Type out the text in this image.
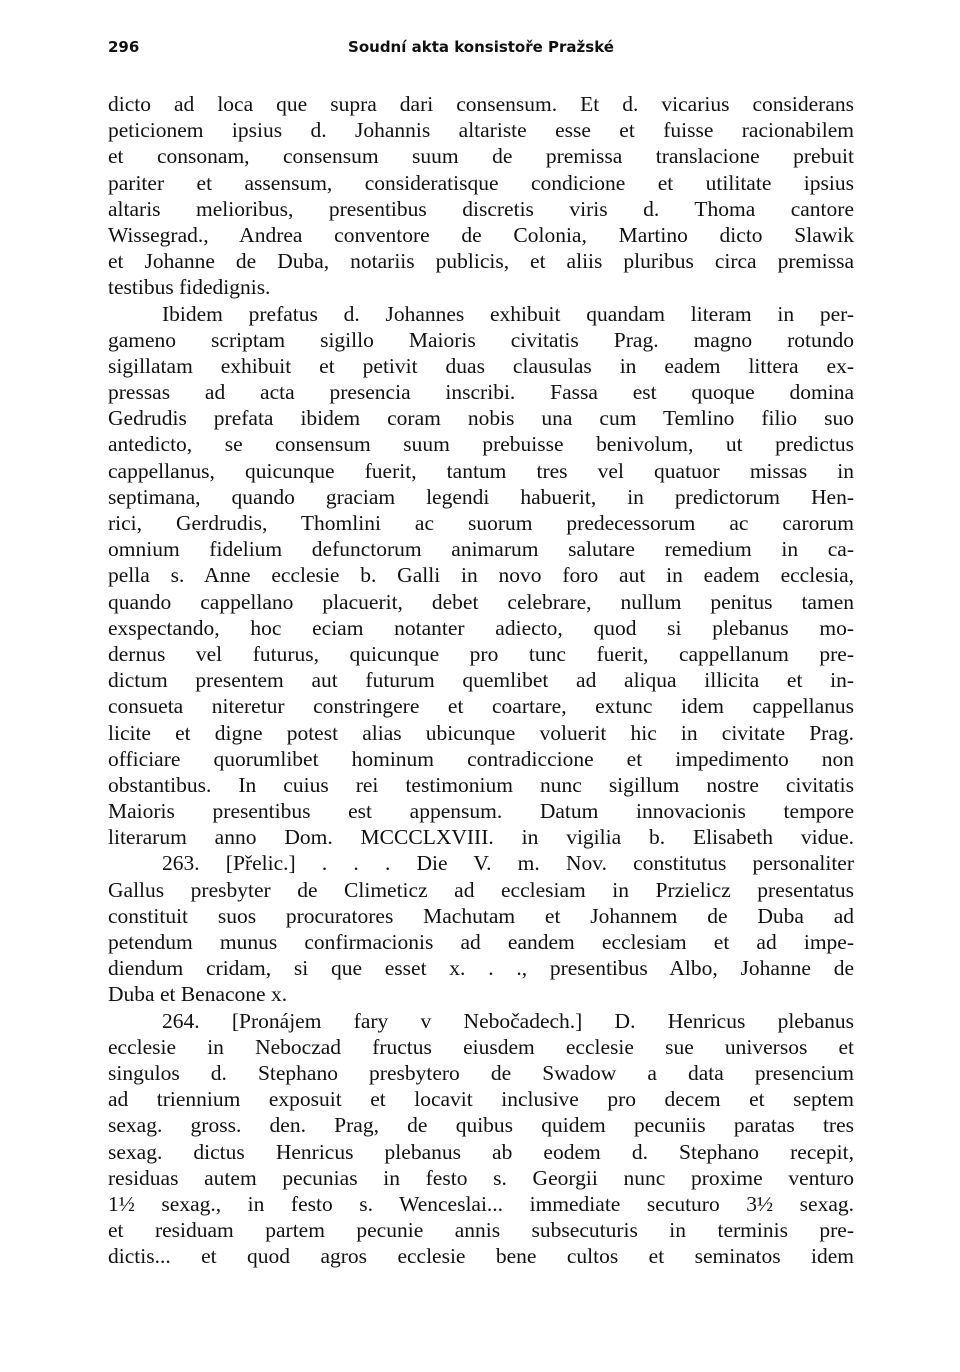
296	Soudní akta konsistoře Pražské
dicto ad loca que supra dari consensum. Et d. vicarius considerans
peticionem ipsius d. Johannis altariste esse et fuisse racionabilem
et consonam, consensum suum de premissa translacione prebuit
pariter et assensum, consideratisque condicione et utilitate ipsius
altaris melioribus, presentibus discretis viris d. Thoma cantore
Wissegrad., Andrea conventore de Colonia, Martino dicto Slawik
et Johanne de Duba, notariis publicis, et aliis pluribus circa premissa
testibus fidedignis.
Ibidem prefatus d. Johannes exhibuit quandam literam in per-
gameno scriptam sigillo Maioris civitatis Prag. magno rotundo
sigillatam exhibuit et petivit duas clausulas in eadem littera ex-
pressas ad acta presencia inscribi. Fassa est quoque domina
Gedrudis prefata ibidem coram nobis una cum Temlino filio suo
antedicto, se consensum suum prebuisse benivolum, ut predictus
cappellanus, quicunque fuerit, tantum tres vel quatuor missas in
septimana, quando graciam legendi habuerit, in predictorum Hen-
rici, Gerdrudis, Thomlini ac suorum predecessorum ac carorum
omnium fidelium defunctorum animarum salutare remedium in ca-
pella s. Anne ecclesie b. Galli in novo foro aut in eadem ecclesia,
quando cappellano placuerit, debet celebrare, nullum penitus tamen
exspectando, hoc eciam notanter adiecto, quod si plebanus mo-
dernus vel futurus, quicunque pro tunc fuerit, cappellanum pre-
dictum presentem aut futurum quemlibet ad aliqua illicita et in-
consueta niteretur constringere et coartare, extunc idem cappellanus
licite et digne potest alias ubicunque voluerit hic in civitate Prag.
officiare quorumlibet hominum contradiccione et impedimento non
obstantibus. In cuius rei testimonium nunc sigillum nostre civitatis
Maioris presentibus est appensum. Datum innovacionis tempore
literarum anno Dom. MCCCLXVIII. in vigilia b. Elisabeth vidue.
263. [Přelic.] . . . Die V. m. Nov. constitutus personaliter
Gallus presbyter de Climeticz ad ecclesiam in Przielicz presentatus
constituit suos procuratores Machutam et Johannem de Duba ad
petendum munus confirmacionis ad eandem ecclesiam et ad impe-
diendum cridam, si que esset x. . ., presentibus Albo, Johanne de
Duba et Benacone x.
264. [Pronájem fary v Nebočadech.] D. Henricus plebanus
ecclesie in Neboczad fructus eiusdem ecclesie sue universos et
singulos d. Stephano presbytero de Swadow a data presencium
ad triennium exposuit et locavit inclusive pro decem et septem
sexag. gross. den. Prag, de quibus quidem pecuniis paratas tres
sexag. dictus Henricus plebanus ab eodem d. Stephano recepit,
residuas autem pecunias in festo s. Georgii nunc proxime venturo
1½ sexag., in festo s. Wenceslai... immediate secuturo 3½ sexag.
et residuam partem pecunie annis subsecuturis in terminis pre-
dictis... et quod agros ecclesie bene cultos et seminatos idem
